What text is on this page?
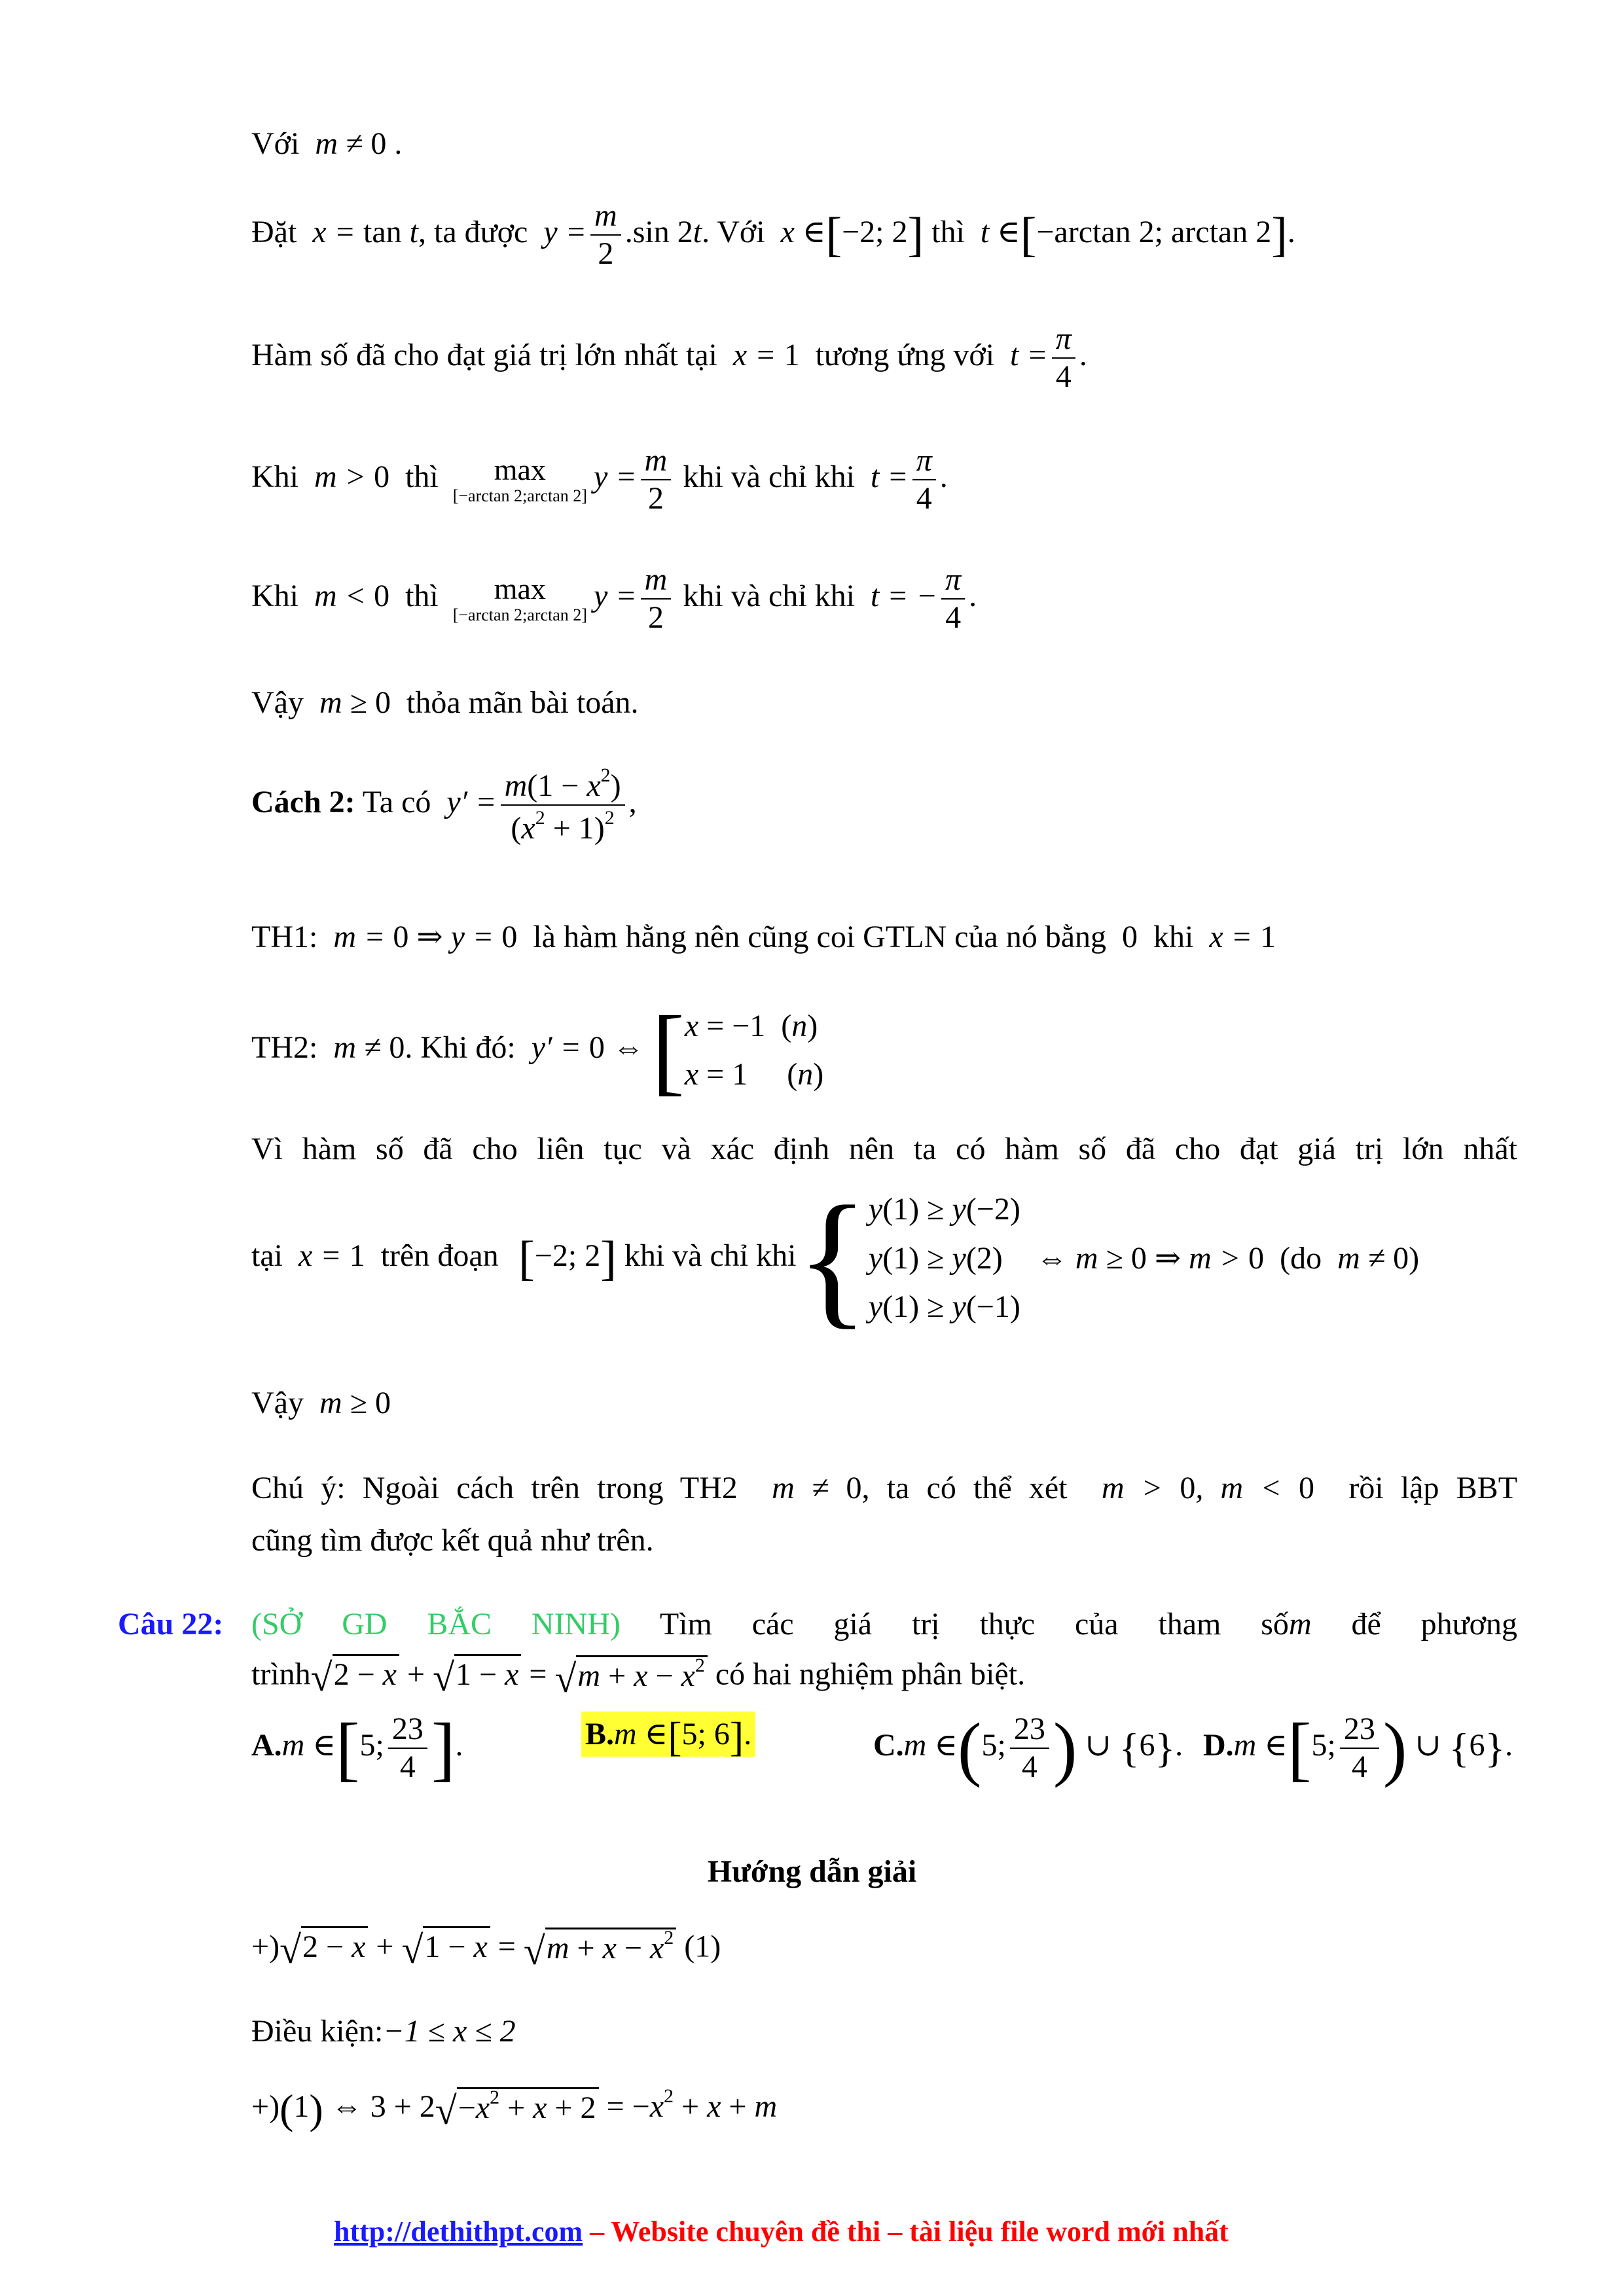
Với  m ≠ 0 .
Đặt  x = tan t, ta được  $y = \frac{m}{2} .\sin$ 2t. Với  x ∈[−2; 2] thì  t ∈[−arctan 2; arctan 2].
Hàm số đã cho đạt giá trị lớn nhất tại  x = 1 tương ứng với  $t = \frac{\pi}{4}$ .
Khi  m > 0 thì	max
[−arctan 2;arctan 2]
$y = \frac{m}{2}$ khi và chỉ khi  $t = \frac{\pi}{4}$ .
Khi  m < 0 thì	max
[−arctan 2;arctan 2]
$y = \frac{m}{2}$ khi và chỉ khi  t = − $\frac{\pi}{4}$ .
Vậy  m ≥ 0 thỏa mãn bài toán.
Cách 2: Ta có  $y' = \frac{m(1 - x^2)}{(x^2 + 1)^2}$ ,
TH1:  m = 0 ⇒ y = 0 là hàm hằng nên cũng coi GTLN của nó bằng  0  khi  x = 1
TH2:  m ≠ 0. Khi đó:  y′ = 0 ⇔ [ x = −1  (n)
x = 1     (n)
Vì hàm số đã cho liên tục và xác định nên ta có hàm số đã cho đạt giá trị lớn nhất
tại  x = 1 trên đoạn  [−2; 2] khi và chỉ khi{ y(1) ≥ y(−2)
y(1) ≥ y(2)
y(1) ≥ y(−1)
⇔ m ≥ 0 ⇒ m > 0 (do  m ≠ 0)
Vậy  m ≥ 0
Chú ý: Ngoài cách trên trong TH2  m ≠ 0, ta có thể xét  m > 0, m < 0 rồi lập BBT
cũng tìm được kết quả như trên.
Câu 22: (SỞ GD BẮC NINH) Tìm các giá trị thực của tham sốm để phương
trình√2 − $x + √1 - x = √m + x - x^2$ có hai nghiệm phân biệt.
A.m ∈[5; $\frac{23}{4}$ ].	B.m ∈[5; 6].	C.m ∈(5; $\frac{23}{4}$ ) ∪ {6}. D.m ∈[5; $\frac{23}{4}$ ) ∪ {6}.
Hướng dẫn giải
$+)√2 - x + √1 - x = √m + x - x^2$ (1)
Điều kiện:−1 ≤ x ≤ 2
+)(1) ⇔ $3 + 2√-x^2 + x + 2 = -x^2 + x + m$
http://dethithpt.com – Website chuyên đề thi – tài liệu file word mới nhất
